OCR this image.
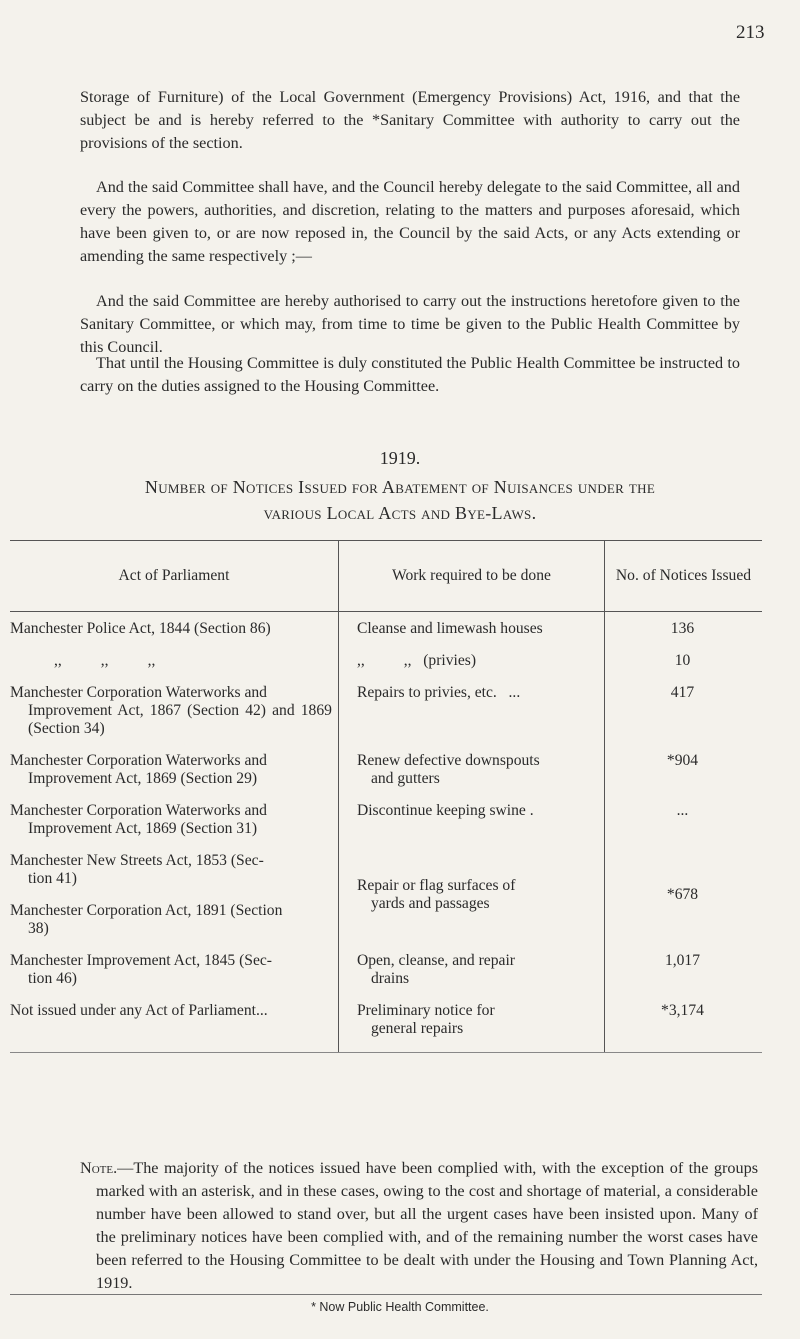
213

Storage of Furniture) of the Local Government (Emergency Provisions) Act, 1916, and that the subject be and is hereby referred to the *Sanitary Committee with authority to carry out the provisions of the section.

And the said Committee shall have, and the Council hereby delegate to the said Committee, all and every the powers, authorities, and discretion, relating to the matters and purposes aforesaid, which have been given to, or are now reposed in, the Council by the said Acts, or any Acts extending or amending the same respectively ;—

And the said Committee are hereby authorised to carry out the instructions heretofore given to the Sanitary Committee, or which may, from time to time be given to the Public Health Committee by this Council.

That until the Housing Committee is duly constituted the Public Health Committee be instructed to carry on the duties assigned to the Housing Committee.

1919.
Number of Notices Issued for Abatement of Nuisances under the
various Local Acts and Bye-Laws.
Act of Parliament	Work required to be done	No. of Notices Issued

Manchester Police Act, 1844 (Section 86)	Cleanse and limewash houses	136

,,          ,,          ,,	,,          ,,   (privies)	10

Manchester Corporation Waterworks and
Improvement Act, 1867 (Section 42) and 1869 (Section 34)	Repairs to privies, etc.   ...	417

Manchester Corporation Waterworks and
Improvement Act, 1869 (Section 29)	Renew defective downspouts
and gutters	*904

Manchester Corporation Waterworks and
Improvement Act, 1869 (Section 31)	Discontinue keeping swine .	...

Manchester New Streets Act, 1853 (Sec-
tion 41)
Manchester Corporation Act, 1891 (Section
38)	Repair or flag surfaces of
yards and passages	*678

Manchester Improvement Act, 1845 (Sec-
tion 46)	Open, cleanse, and repair
drains	1,017

Not issued under any Act of Parliament...	Preliminary notice for
general repairs	*3,174

Note.—The majority of the notices issued have been complied with, with the exception of the groups marked with an asterisk, and in these cases, owing to the cost and shortage of material, a considerable number have been allowed to stand over, but all the urgent cases have been insisted upon. Many of the preliminary notices have been complied with, and of the remaining number the worst cases have been referred to the Housing Committee to be dealt with under the Housing and Town Planning Act, 1919.

* Now Public Health Committee.
